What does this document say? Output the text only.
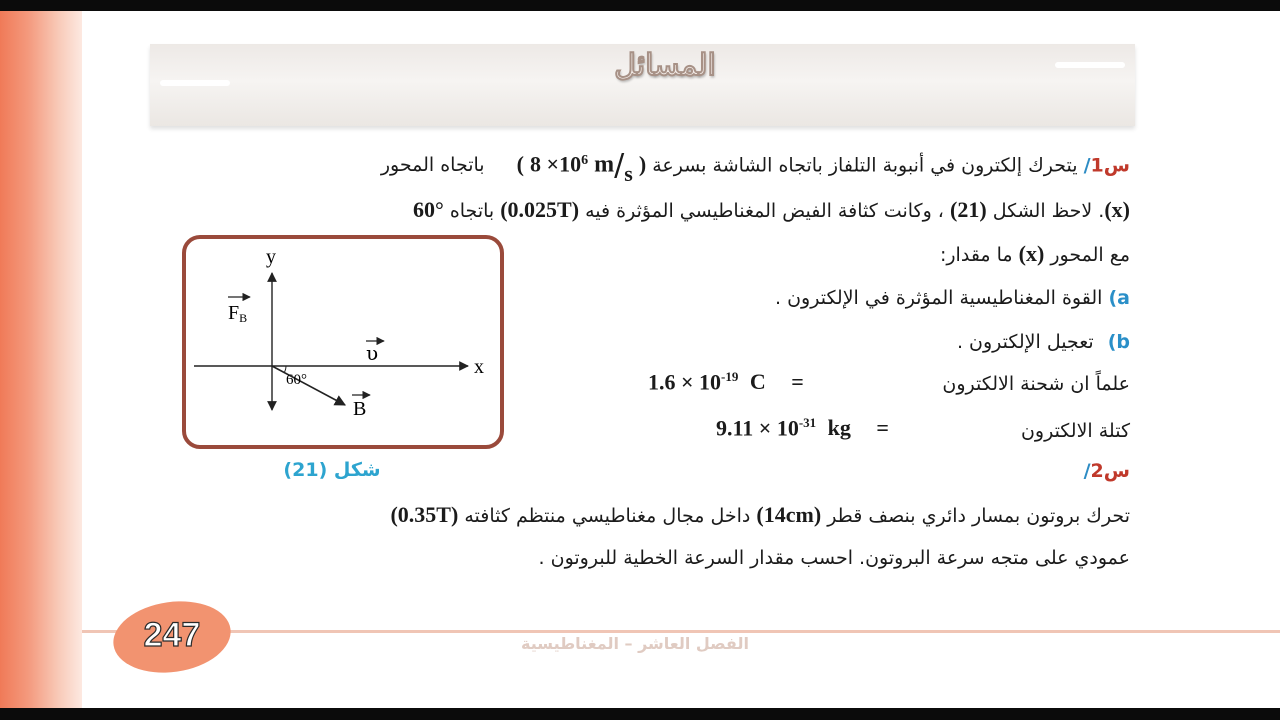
المسائل
س1/ يتحرك إلكترون في أنبوبة التلفاز باتجاه الشاشة بسرعة ( $8 \times 10^6$ m/s ) باتجاه المحور
(x). لاحظ الشكل (21) ، وكانت كثافة الفيض المغناطيسي المؤثرة فيه (0.025T) باتجاه 60°
مع المحور (x) ما مقدار:
a) القوة المغناطيسية المؤثرة في الإلكترون .
b) تعجيل الإلكترون .
علماً ان شحنة الالكترون
$1.6 \times 10^{-19}$ C =
كتلة الالكترون
$9.11 \times 10^{-31}$ kg =
y
x
FB
υ
60°
B
شكل (21)	س2/
تحرك بروتون بمسار دائري بنصف قطر (14cm) داخل مجال مغناطيسي منتظم كثافته (0.35T)
عمودي على متجه سرعة البروتون. احسب مقدار السرعة الخطية للبروتون .
247	الفصل العاشر – المغناطيسية
